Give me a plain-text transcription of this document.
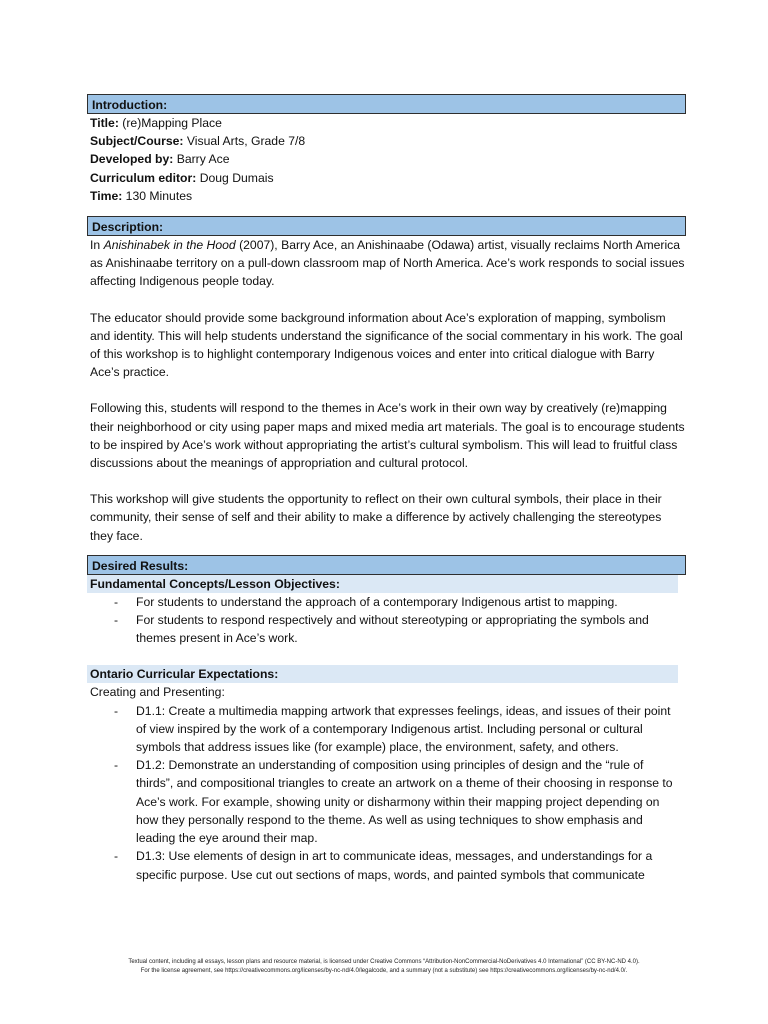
Introduction:
Title: (re)Mapping Place
Subject/Course: Visual Arts, Grade 7/8
Developed by: Barry Ace
Curriculum editor: Doug Dumais
Time: 130 Minutes
Description:

In Anishinabek in the Hood (2007), Barry Ace, an Anishinaabe (Odawa) artist, visually reclaims North America as Anishinaabe territory on a pull-down classroom map of North America. Ace’s work responds to social issues affecting Indigenous people today.

The educator should provide some background information about Ace’s exploration of mapping, symbolism and identity. This will help students understand the significance of the social commentary in his work. The goal of this workshop is to highlight contemporary Indigenous voices and enter into critical dialogue with Barry Ace’s practice.

Following this, students will respond to the themes in Ace’s work in their own way by creatively (re)mapping their neighborhood or city using paper maps and mixed media art materials. The goal is to encourage students to be inspired by Ace’s work without appropriating the artist’s cultural symbolism. This will lead to fruitful class discussions about the meanings of appropriation and cultural protocol.

This workshop will give students the opportunity to reflect on their own cultural symbols, their place in their community, their sense of self and their ability to make a difference by actively challenging the stereotypes they face.

Desired Results:
Fundamental Concepts/Lesson Objectives:
- For students to understand the approach of a contemporary Indigenous artist to mapping.
- For students to respond respectively and without stereotyping or appropriating the symbols and themes present in Ace’s work.
Ontario Curricular Expectations:
Creating and Presenting:
- D1.1: Create a multimedia mapping artwork that expresses feelings, ideas, and issues of their point of view inspired by the work of a contemporary Indigenous artist. Including personal or cultural symbols that address issues like (for example) place, the environment, safety, and others.
- D1.2: Demonstrate an understanding of composition using principles of design and the “rule of thirds”, and compositional triangles to create an artwork on a theme of their choosing in response to Ace’s work. For example, showing unity or disharmony within their mapping project depending on how they personally respond to the theme. As well as using techniques to show emphasis and leading the eye around their map.
- D1.3: Use elements of design in art to communicate ideas, messages, and understandings for a specific purpose. Use cut out sections of maps, words, and painted symbols that communicate
Textual content, including all essays, lesson plans and resource material, is licensed under Creative Commons “Attribution-NonCommercial-NoDerivatives 4.0 International” (CC BY-NC-ND 4.0).
For the license agreement, see https://creativecommons.org/licenses/by-nc-nd/4.0/legalcode, and a summary (not a substitute) see https://creativecommons.org/licenses/by-nc-nd/4.0/.
